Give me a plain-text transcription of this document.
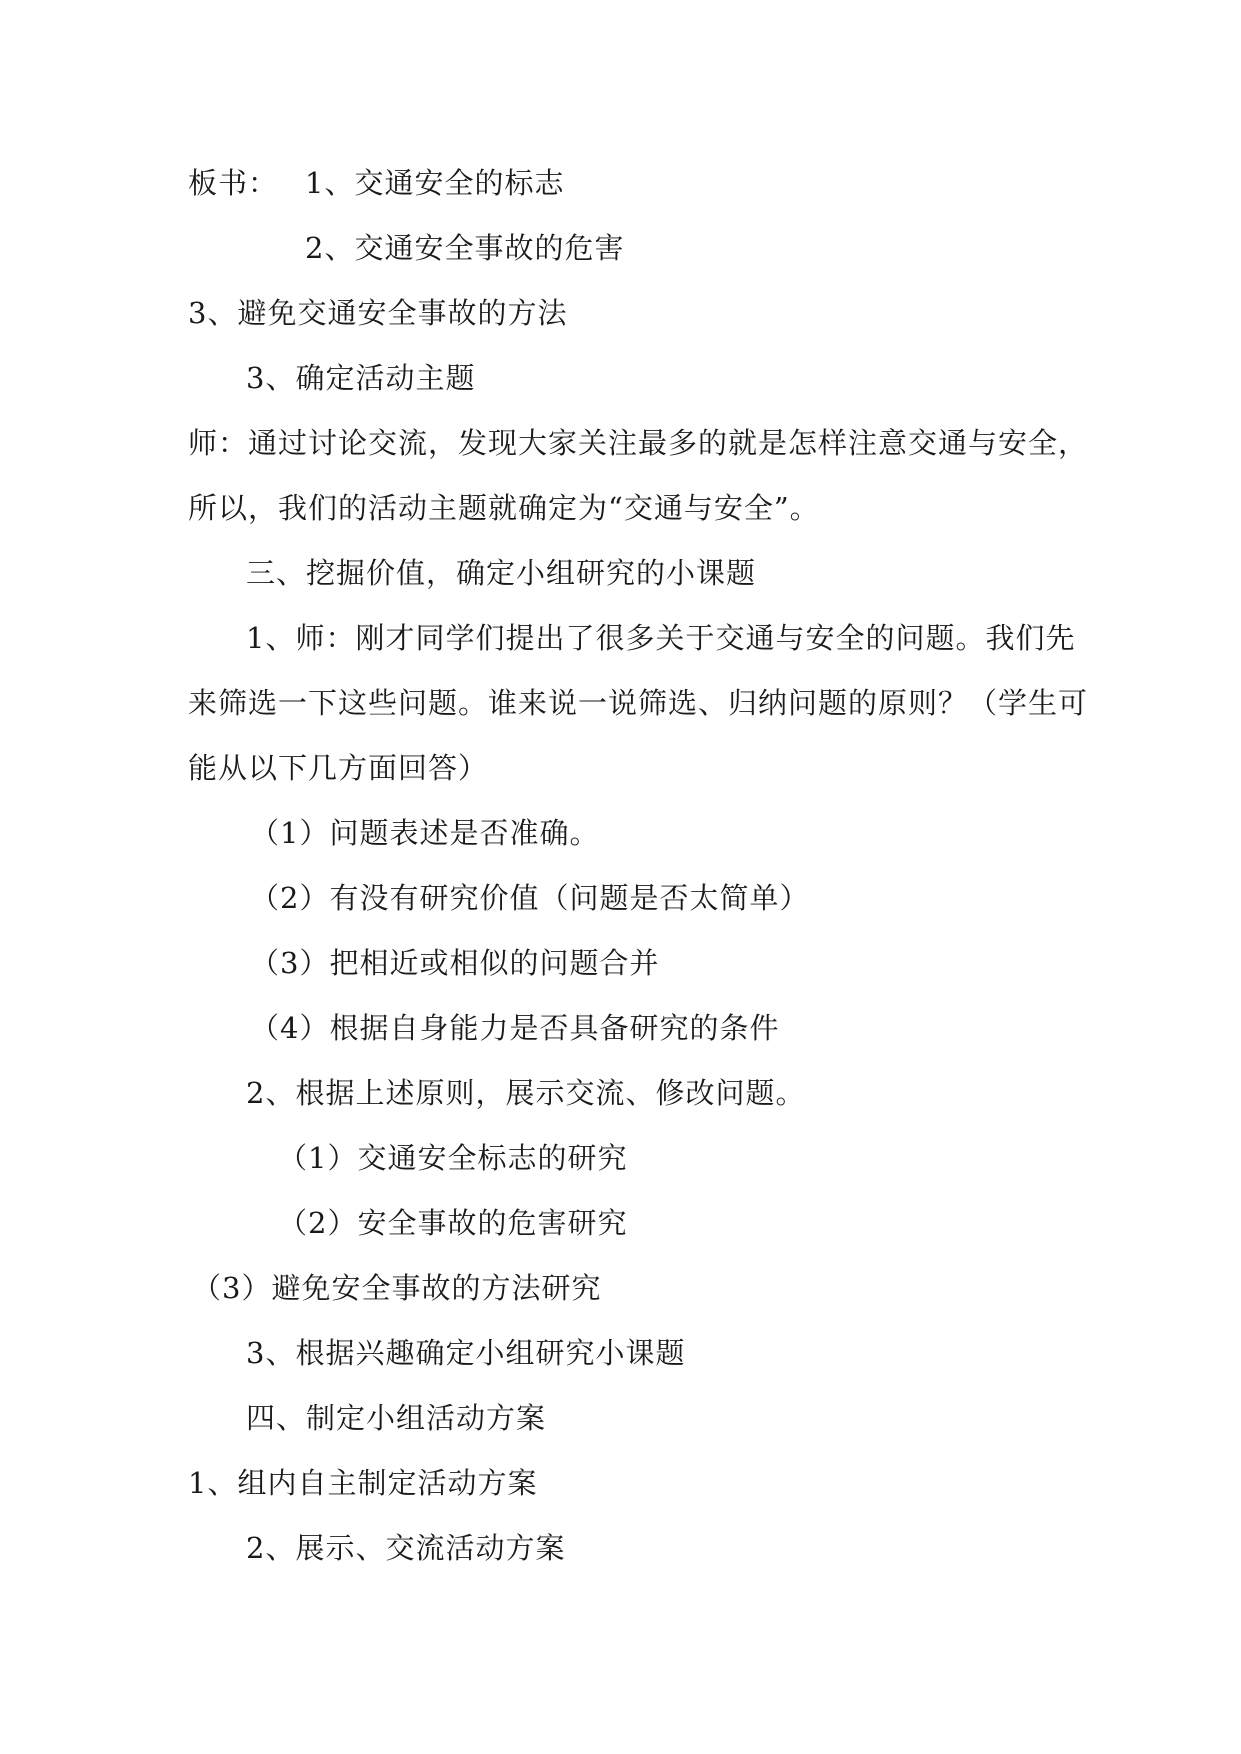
板书： 1、交通安全的标志
2、交通安全事故的危害
3、避免交通安全事故的方法
3、确定活动主题
师：通过讨论交流，发现大家关注最多的就是怎样注意交通与安全，
所以，我们的活动主题就确定为“交通与安全”。
三、挖掘价值，确定小组研究的小课题
1、师：刚才同学们提出了很多关于交通与安全的问题。我们先
来筛选一下这些问题。谁来说一说筛选、归纳问题的原则？（学生可
能从以下几方面回答）
（1）问题表述是否准确。
（2）有没有研究价值（问题是否太简单）
（3）把相近或相似的问题合并
（4）根据自身能力是否具备研究的条件
2、根据上述原则，展示交流、修改问题。
（1）交通安全标志的研究
（2）安全事故的危害研究
（3）避免安全事故的方法研究
3、根据兴趣确定小组研究小课题
四、制定小组活动方案
1、组内自主制定活动方案
2、展示、交流活动方案
